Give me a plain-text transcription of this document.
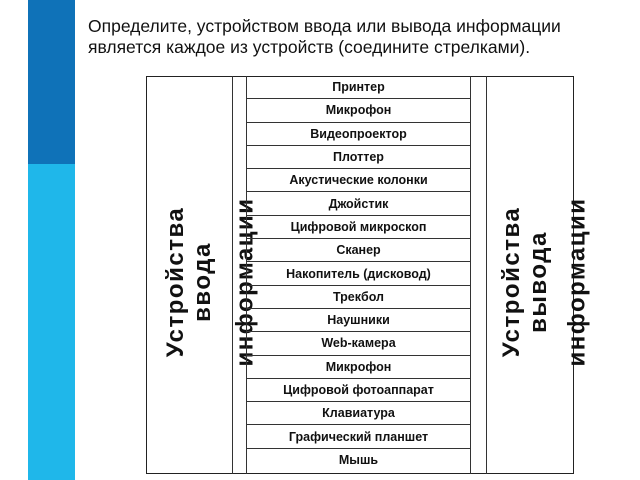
Определите, устройством ввода или вывода информации является каждое из устройств (соедините стрелками).
Устройства ввода информации	Устройства вывода информации
Принтер
Микрофон
Видеопроектор
Плоттер
Акустические колонки
Джойстик
Цифровой микроскоп
Сканер
Накопитель (дисковод)
Трекбол
Наушники
Web-камера
Микрофон
Цифровой фотоаппарат
Клавиатура
Графический планшет
Мышь
